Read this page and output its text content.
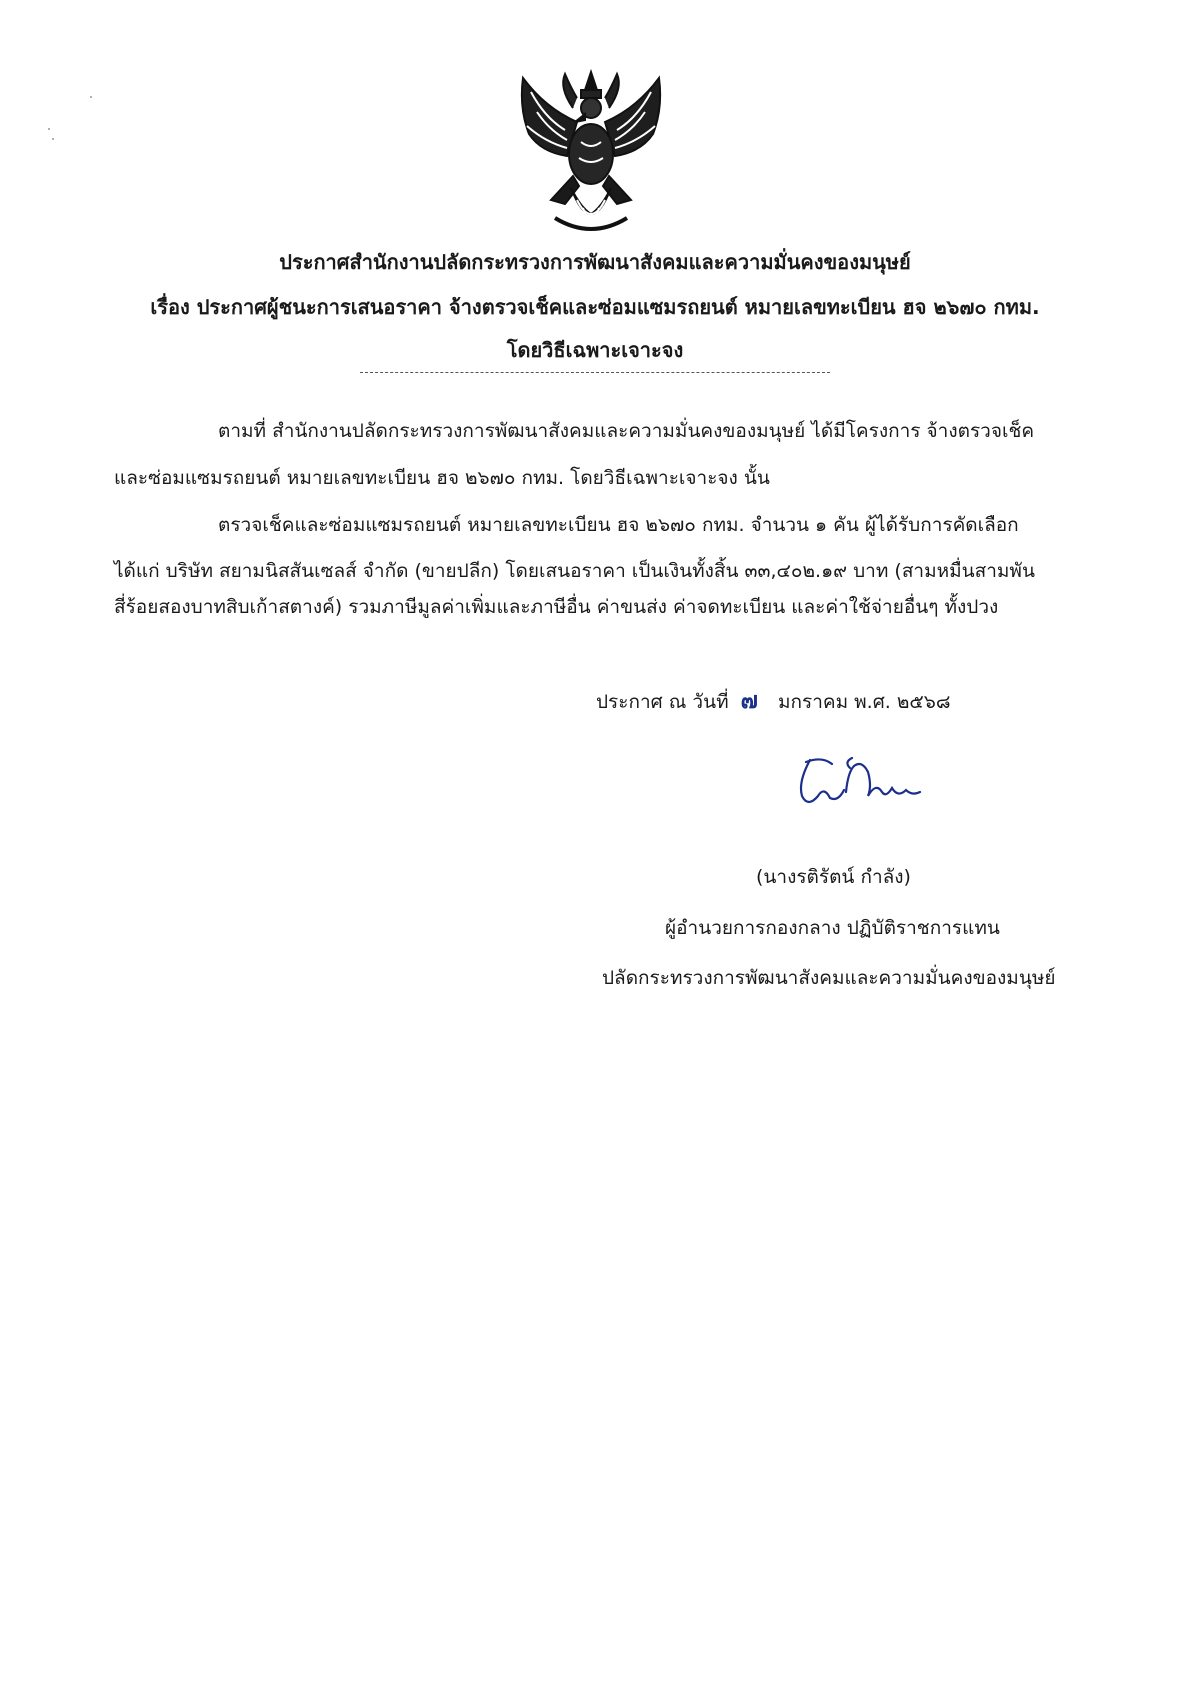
ประกาศสำนักงานปลัดกระทรวงการพัฒนาสังคมและความมั่นคงของมนุษย์
เรื่อง ประกาศผู้ชนะการเสนอราคา จ้างตรวจเช็คและซ่อมแซมรถยนต์ หมายเลขทะเบียน ฮจ ๒๖๗๐ กทม.
โดยวิธีเฉพาะเจาะจง
ตามที่ สำนักงานปลัดกระทรวงการพัฒนาสังคมและความมั่นคงของมนุษย์ ได้มีโครงการ จ้างตรวจเช็ค
และซ่อมแซมรถยนต์ หมายเลขทะเบียน ฮจ ๒๖๗๐ กทม. โดยวิธีเฉพาะเจาะจง นั้น
ตรวจเช็คและซ่อมแซมรถยนต์ หมายเลขทะเบียน ฮจ ๒๖๗๐ กทม. จำนวน ๑ คัน ผู้ได้รับการคัดเลือก
ได้แก่ บริษัท สยามนิสสันเซลส์ จำกัด (ขายปลีก) โดยเสนอราคา เป็นเงินทั้งสิ้น ๓๓,๔๐๒.๑๙ บาท (สามหมื่นสามพัน
สี่ร้อยสองบาทสิบเก้าสตางค์) รวมภาษีมูลค่าเพิ่มและภาษีอื่น ค่าขนส่ง ค่าจดทะเบียน และค่าใช้จ่ายอื่นๆ ทั้งปวง
ประกาศ ณ วันที่ ๗ มกราคม พ.ศ. ๒๕๖๘
(นางรติรัตน์ กำลัง)
ผู้อำนวยการกองกลาง ปฏิบัติราชการแทน
ปลัดกระทรวงการพัฒนาสังคมและความมั่นคงของมนุษย์
